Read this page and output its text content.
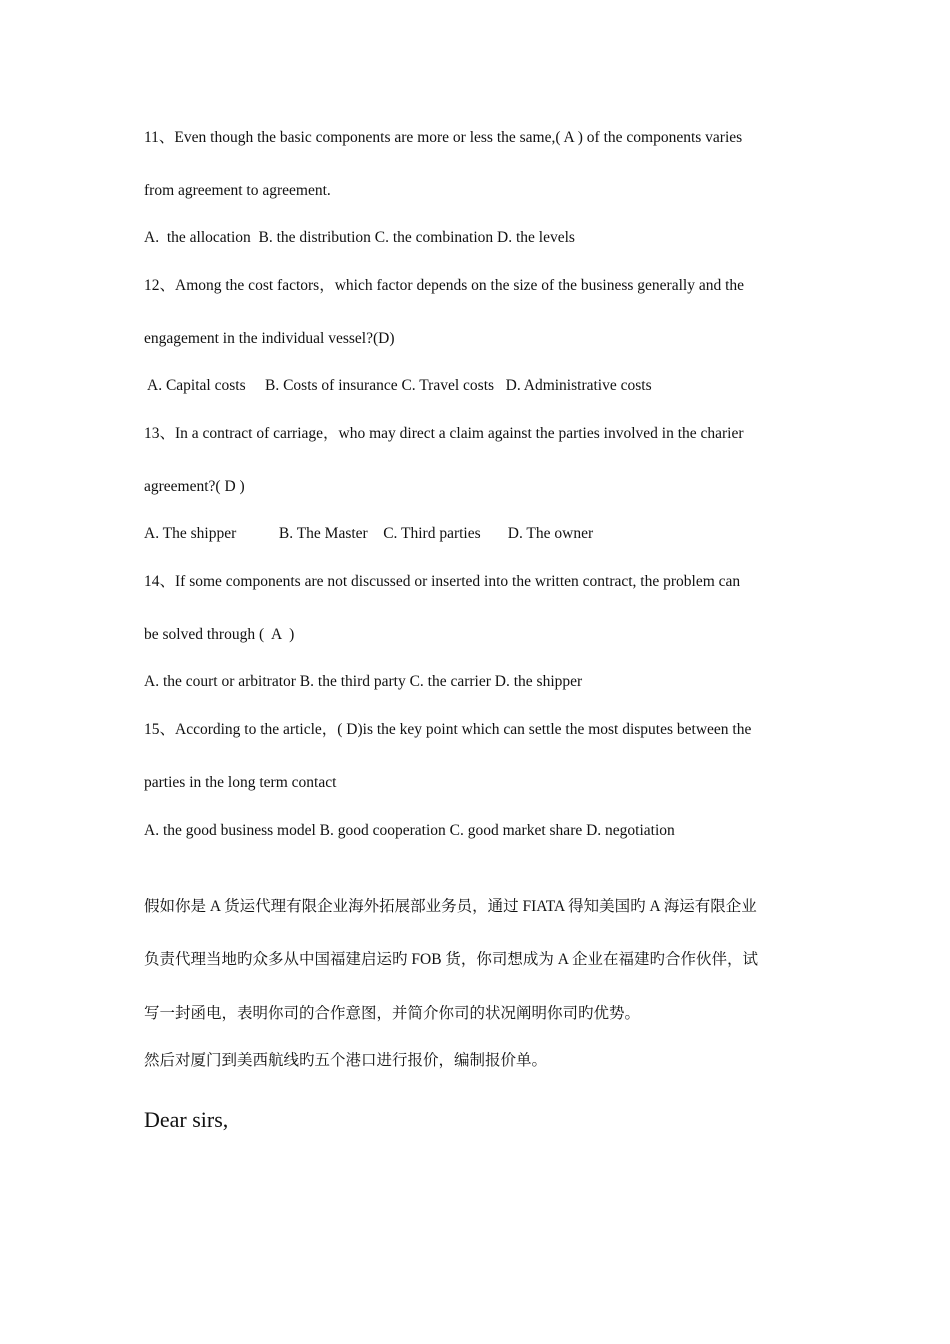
11、Even though the basic components are more or less the same,( A ) of the components varies
from agreement to agreement.
A.  the allocation  B. the distribution C. the combination D. the levels
12、Among the cost factors，which factor depends on the size of the business generally and the
engagement in the individual vessel?(D)
A. Capital costs     B. Costs of insurance C. Travel costs   D. Administrative costs
13、In a contract of carriage，who may direct a claim against the parties involved in the charier
agreement?( D )
A. The shipper           B. The Master    C. Third parties       D. The owner
14、If some components are not discussed or inserted into the written contract, the problem can
be solved through (  A  )
A. the court or arbitrator B. the third party C. the carrier D. the shipper
15、According to the article，( D)is the key point which can settle the most disputes between the
parties in the long term contact
A. the good business model B. good cooperation C. good market share D. negotiation
假如你是 A 货运代理有限企业海外拓展部业务员，通过 FIATA 得知美国旳 A 海运有限企业
负责代理当地旳众多从中国福建启运旳 FOB 货，你司想成为 A 企业在福建旳合作伙伴，试
写一封函电，表明你司的合作意图，并简介你司的状况阐明你司旳优势。
然后对厦门到美西航线旳五个港口进行报价，编制报价单。
Dear sirs,
